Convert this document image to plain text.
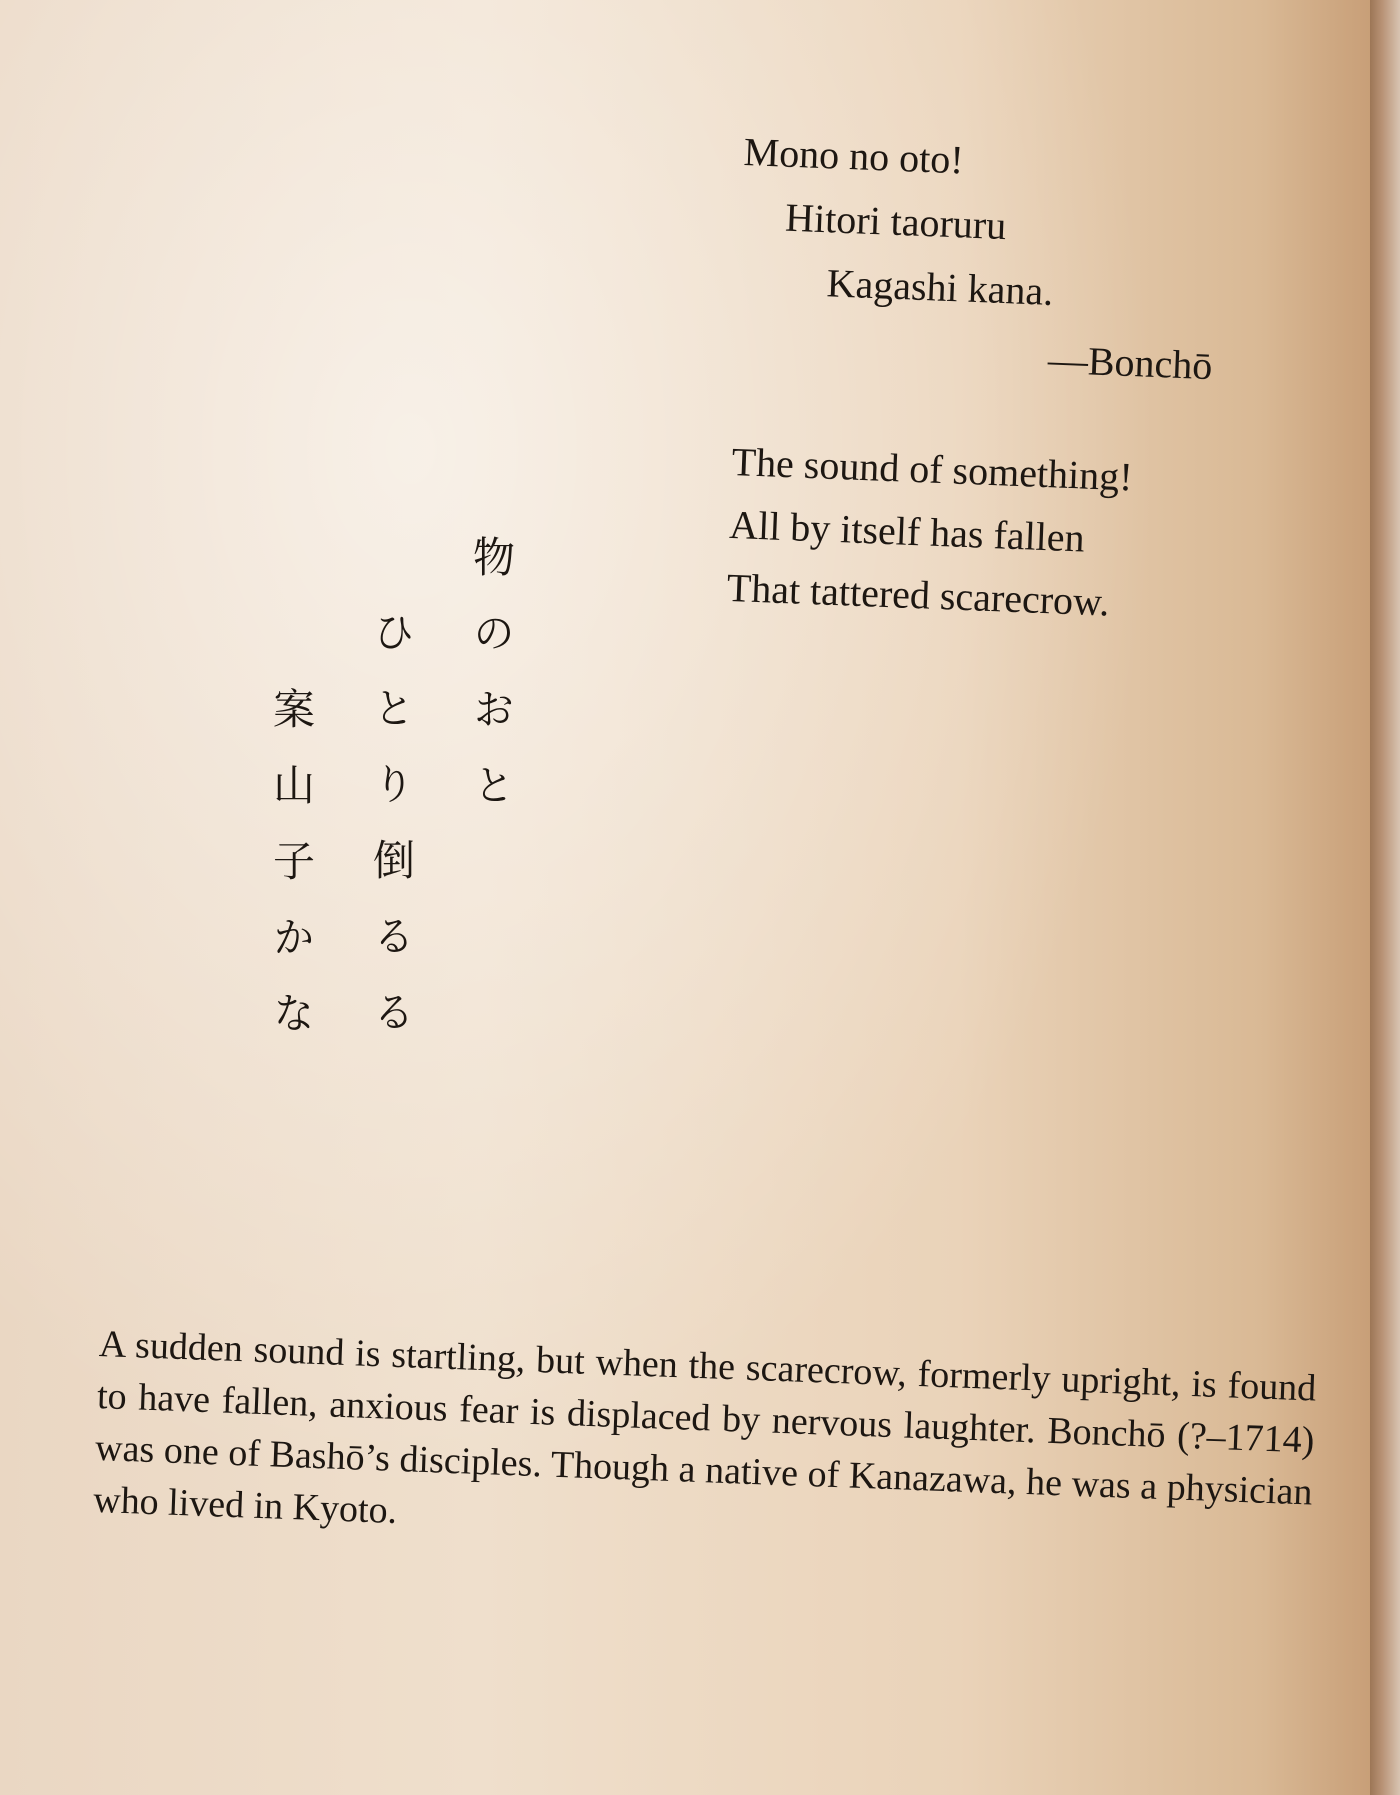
Mono no oto!
Hitori taoruru
Kagashi kana.
—Bonchō
The sound of something!
All by itself has fallen
That tattered scarecrow.
物のおと
ひとり倒るる
案山子かな
A sudden sound is startling, but when the scarecrow, formerly upright, is found to have fallen, anxious fear is displaced by nervous laughter. Bonchō (?–1714) was one of Bashō’s disciples. Though a native of Kanazawa, he was a physician who lived in Kyoto.
